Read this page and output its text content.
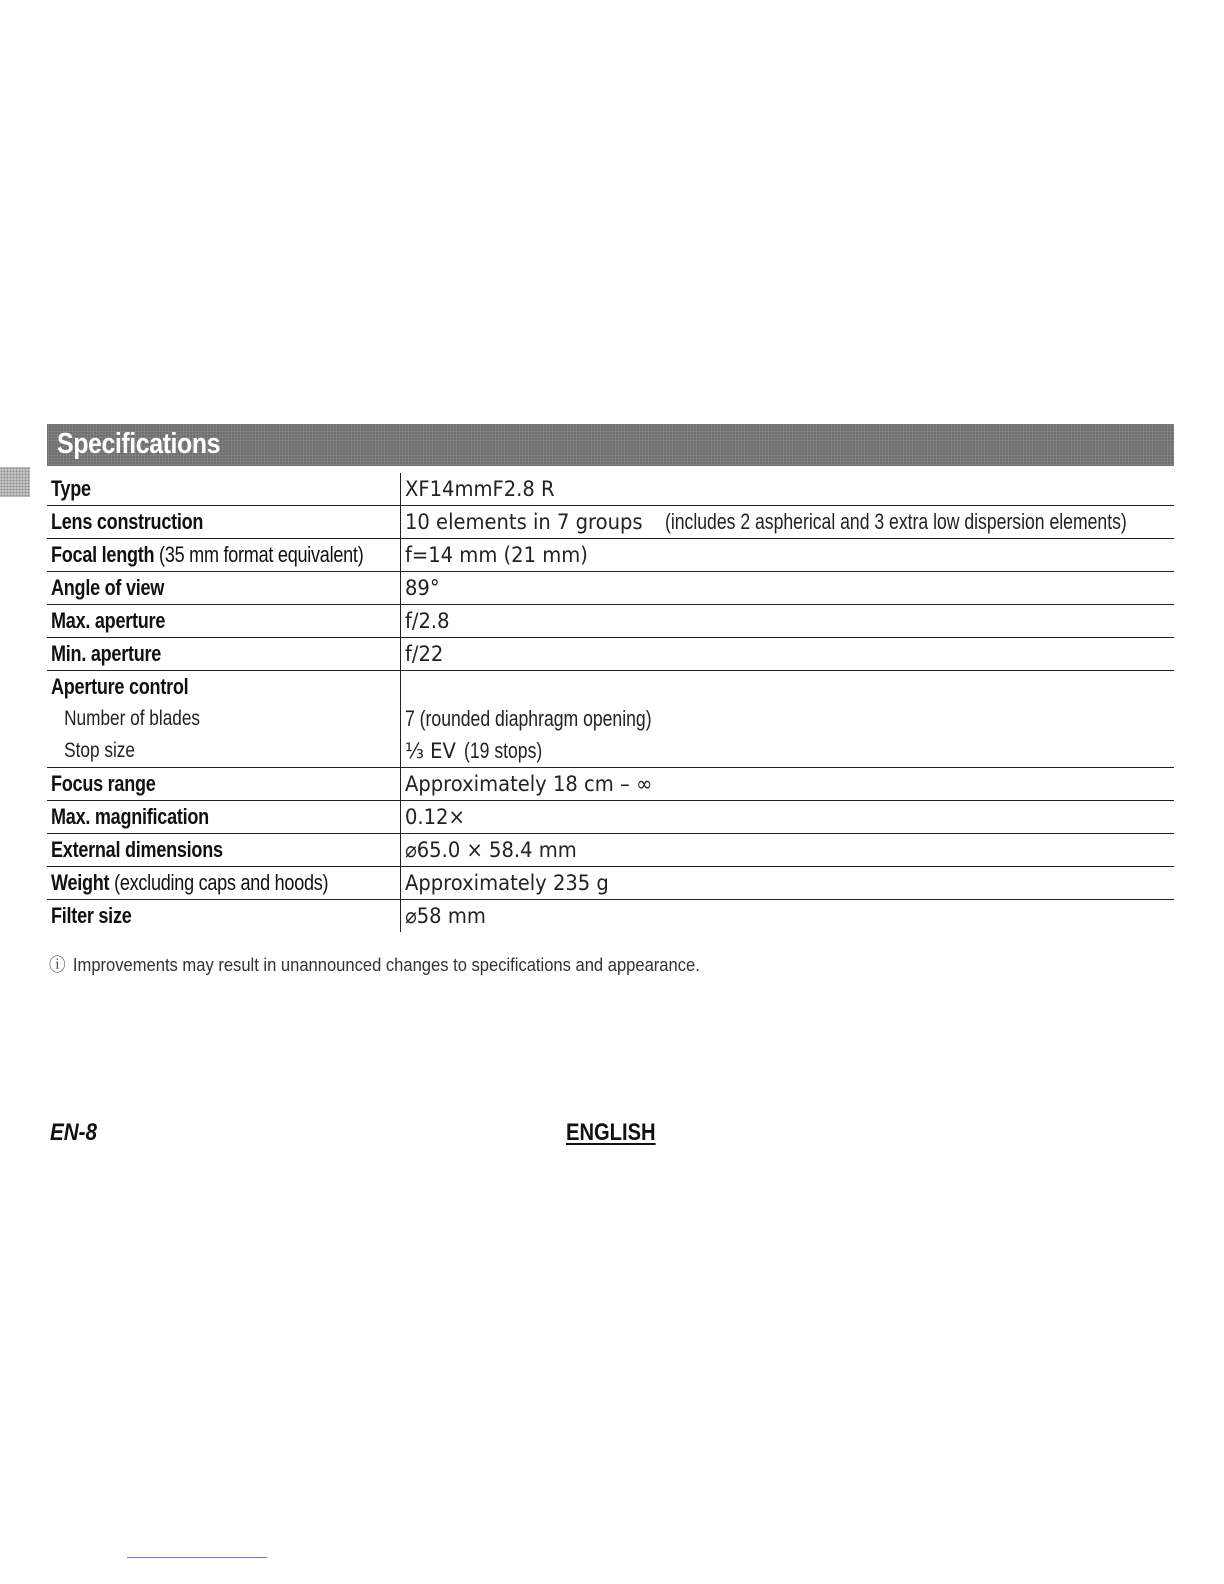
Specifications
Type	XF14mmF2.8 R
Lens construction	10 elements in 7 groups (includes 2 aspherical and 3 extra low dispersion elements)
Focal length (35 mm format equivalent)	f=14 mm (21 mm)
Angle of view	89°
Max. aperture	f/2.8
Min. aperture	f/22
Aperture control	
Number of blades	7 (rounded diaphragm opening)
Stop size	⅓ EV (19 stops)
Focus range	Approximately 18 cm – ∞
Max. magnification	0.12×
External dimensions	⌀65.0 × 58.4 mm
Weight (excluding caps and hoods)	Approximately 235 g
Filter size	⌀58 mm
ⓘ Improvements may result in unannounced changes to specifications and appearance.
EN-8	ENGLISH
